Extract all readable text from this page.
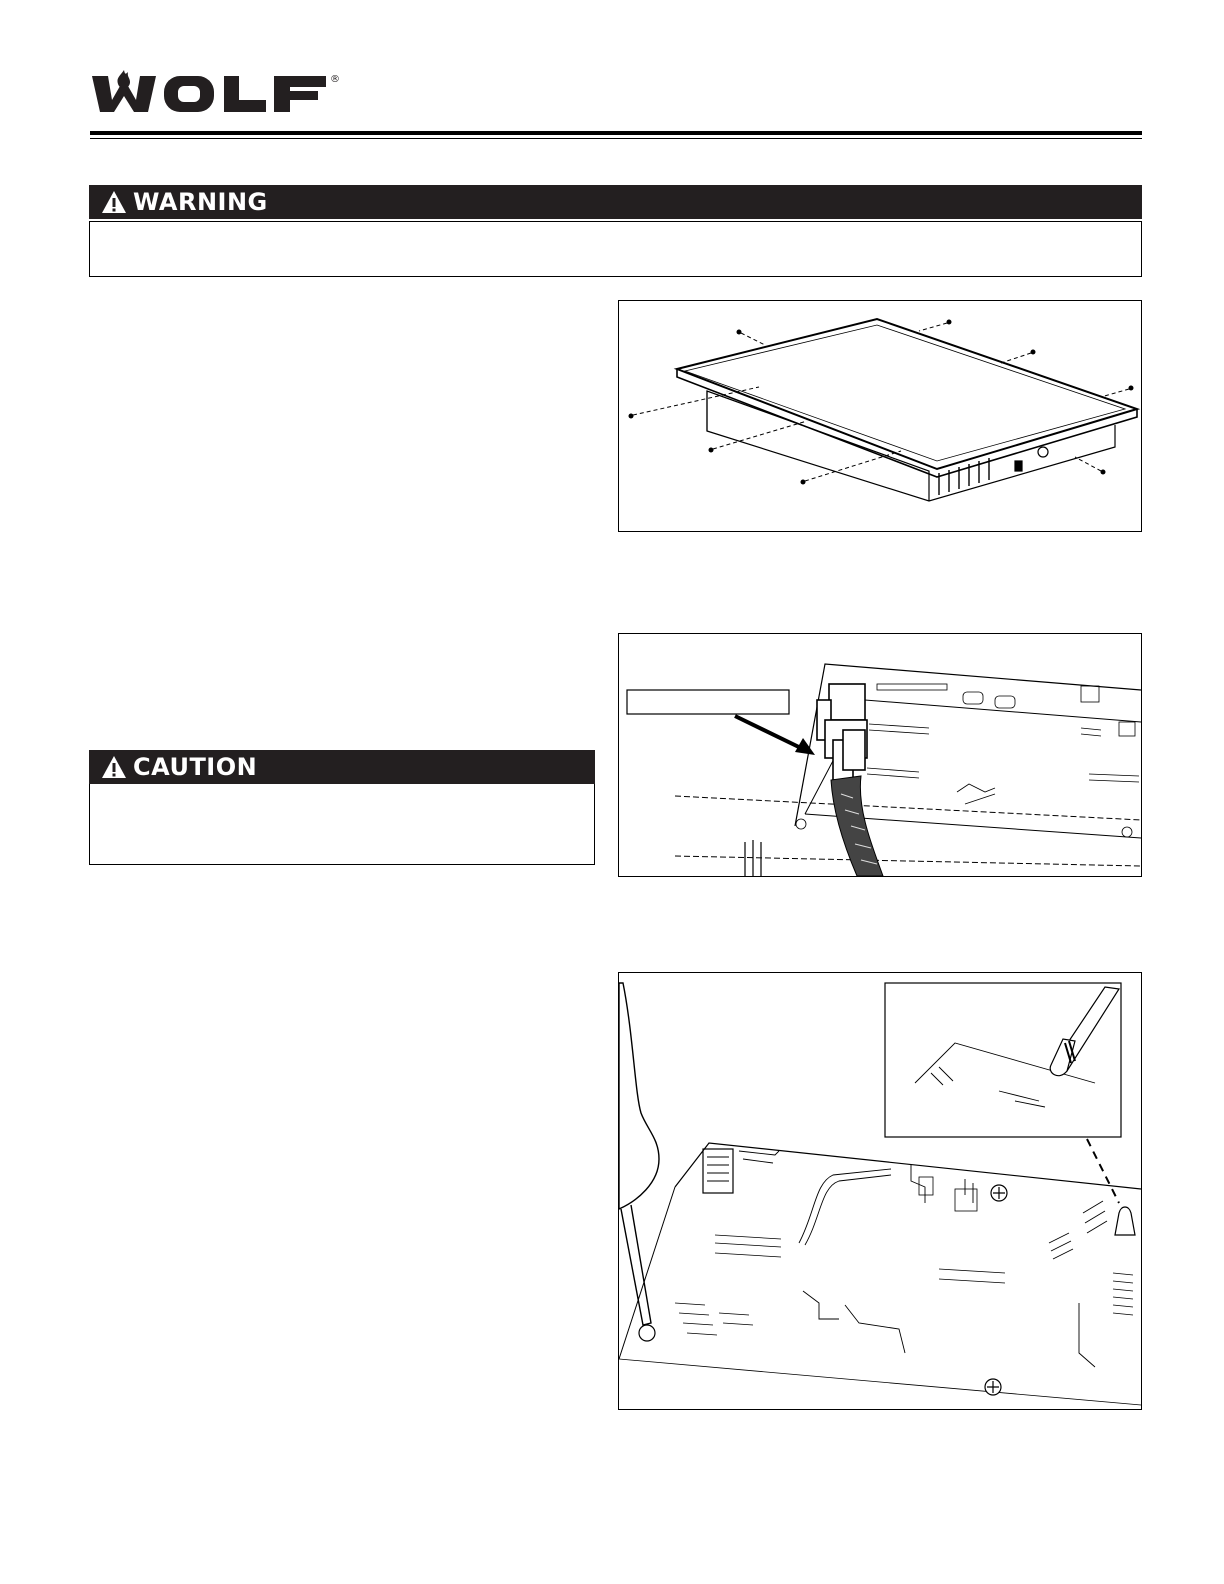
®
WARNING
CAUTION
